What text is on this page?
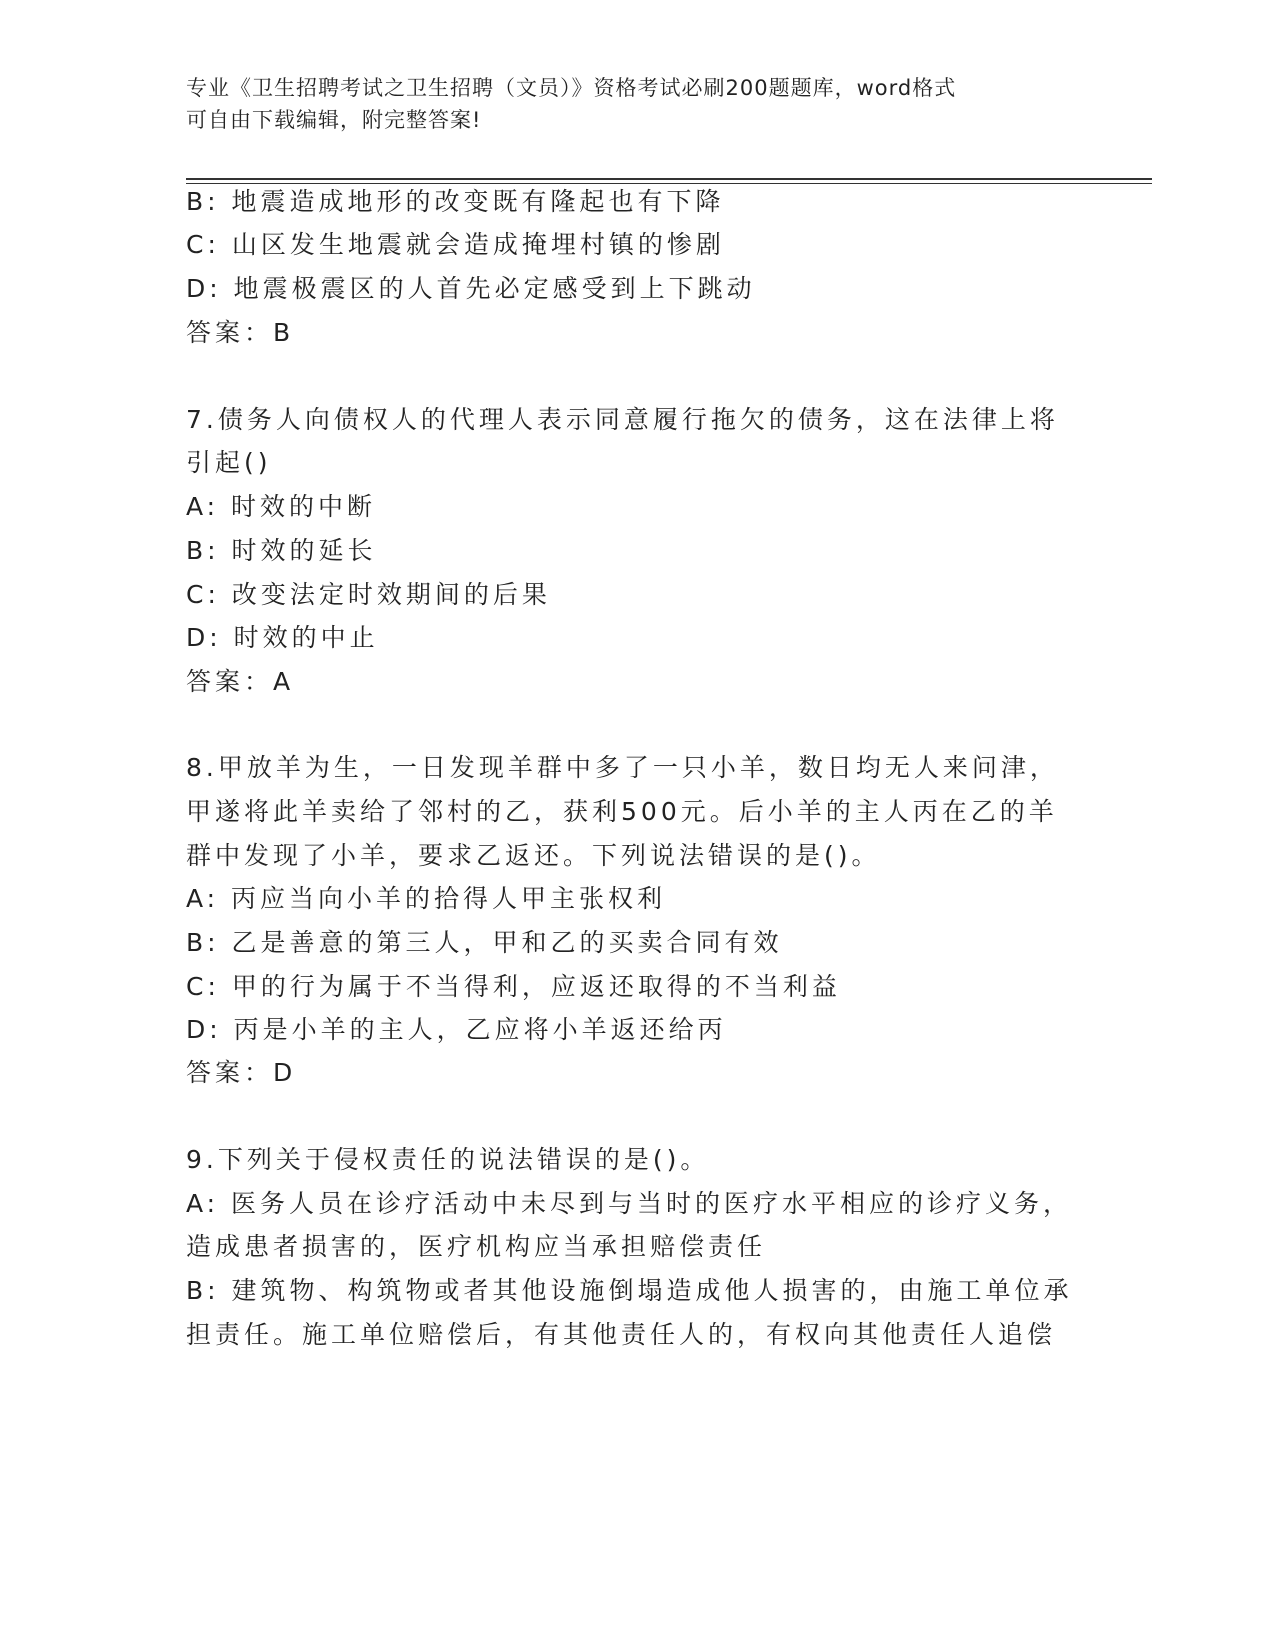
专业《卫生招聘考试之卫生招聘（文员）》资格考试必刷200题题库，word格式
可自由下载编辑，附完整答案!
B: 地震造成地形的改变既有隆起也有下降
C: 山区发生地震就会造成掩埋村镇的惨剧
D: 地震极震区的人首先必定感受到上下跳动
答案：B
7.债务人向债权人的代理人表示同意履行拖欠的债务，这在法律上将
引起()
A: 时效的中断
B: 时效的延长
C: 改变法定时效期间的后果
D: 时效的中止
答案：A
8.甲放羊为生，一日发现羊群中多了一只小羊，数日均无人来问津，
甲遂将此羊卖给了邻村的乙，获利500元。后小羊的主人丙在乙的羊
群中发现了小羊，要求乙返还。下列说法错误的是()。
A: 丙应当向小羊的拾得人甲主张权利
B: 乙是善意的第三人，甲和乙的买卖合同有效
C: 甲的行为属于不当得利，应返还取得的不当利益
D: 丙是小羊的主人，乙应将小羊返还给丙
答案：D
9.下列关于侵权责任的说法错误的是()。
A: 医务人员在诊疗活动中未尽到与当时的医疗水平相应的诊疗义务，
造成患者损害的，医疗机构应当承担赔偿责任
B: 建筑物、构筑物或者其他设施倒塌造成他人损害的，由施工单位承
担责任。施工单位赔偿后，有其他责任人的，有权向其他责任人追偿
